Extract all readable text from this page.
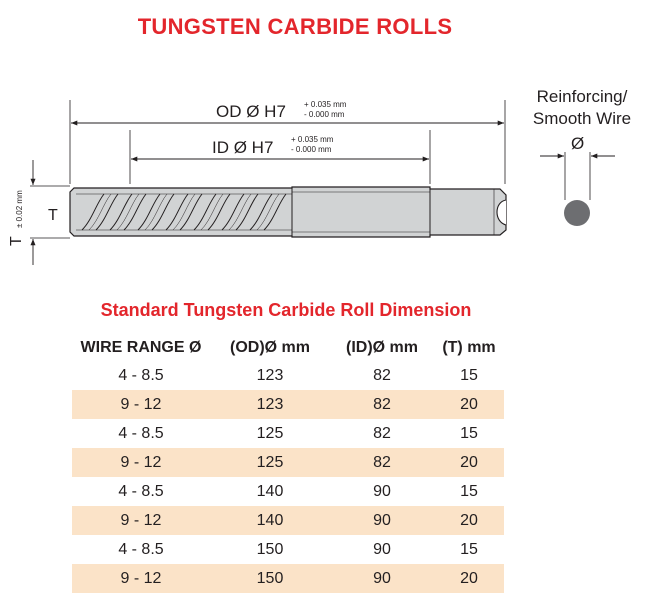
TUNGSTEN CARBIDE ROLLS
OD Ø H7 + 0.035 mm
- 0.000 mm
ID Ø H7 + 0.035 mm
- 0.000 mm
T
T
± 0.02 mm
Ø
Reinforcing/
Smooth Wire
Standard Tungsten Carbide Roll Dimension
WIRE RANGE Ø	(OD)Ø mm	(ID)Ø mm	(T) mm
4 - 8.5	123	82	15
9 - 12	123	82	20
4 - 8.5	125	82	15
9 - 12	125	82	20
4 - 8.5	140	90	15
9 - 12	140	90	20
4 - 8.5	150	90	15
9 - 12	150	90	20
